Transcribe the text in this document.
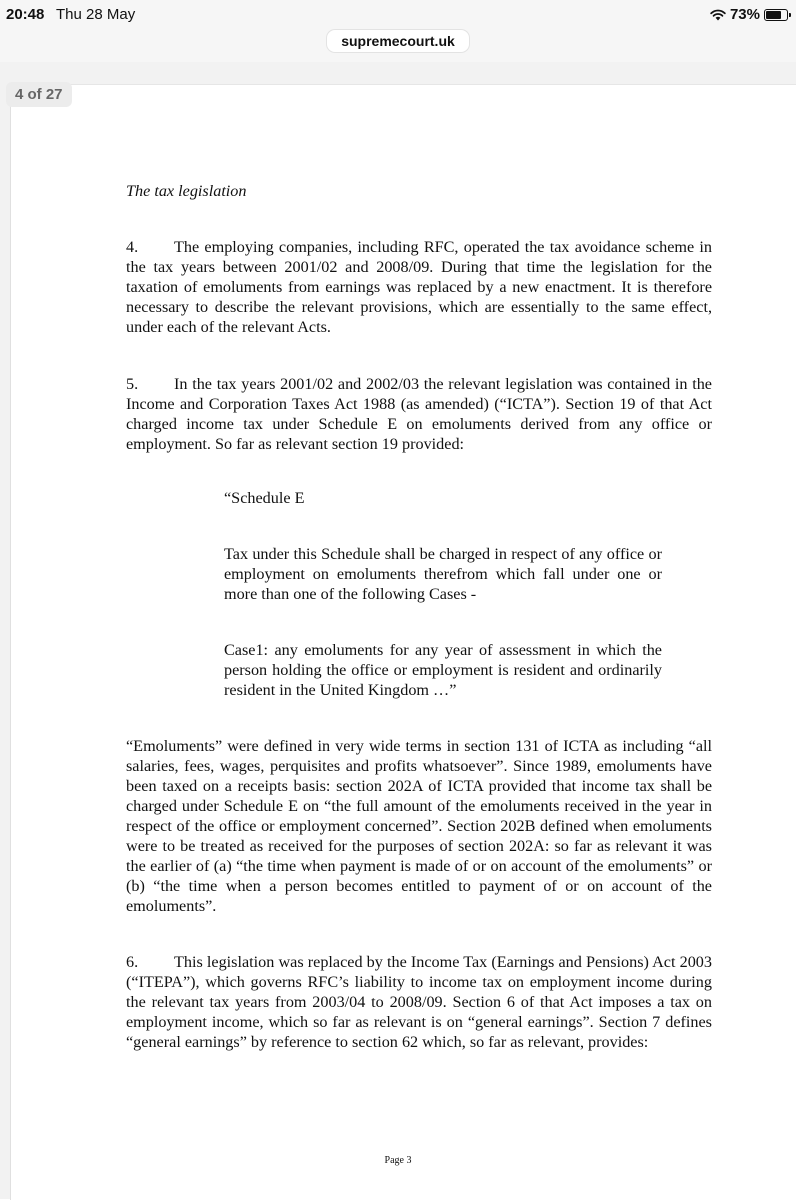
20:48 Thu 28 May	73%
supremecourt.uk
4 of 27
The tax legislation

4. The employing companies, including RFC, operated the tax avoidance scheme in the tax years between 2001/02 and 2008/09. During that time the legislation for the taxation of emoluments from earnings was replaced by a new enactment. It is therefore necessary to describe the relevant provisions, which are essentially to the same effect, under each of the relevant Acts.

5. In the tax years 2001/02 and 2002/03 the relevant legislation was contained in the Income and Corporation Taxes Act 1988 (as amended) (“ICTA”). Section 19 of that Act charged income tax under Schedule E on emoluments derived from any office or employment. So far as relevant section 19 provided:

“Schedule E

Tax under this Schedule shall be charged in respect of any office or employment on emoluments therefrom which fall under one or more than one of the following Cases -

Case1: any emoluments for any year of assessment in which the person holding the office or employment is resident and ordinarily resident in the United Kingdom …”

“Emoluments” were defined in very wide terms in section 131 of ICTA as including “all salaries, fees, wages, perquisites and profits whatsoever”. Since 1989, emoluments have been taxed on a receipts basis: section 202A of ICTA provided that income tax shall be charged under Schedule E on “the full amount of the emoluments received in the year in respect of the office or employment concerned”. Section 202B defined when emoluments were to be treated as received for the purposes of section 202A: so far as relevant it was the earlier of (a) “the time when payment is made of or on account of the emoluments” or (b) “the time when a person becomes entitled to payment of or on account of the emoluments”.

6. This legislation was replaced by the Income Tax (Earnings and Pensions) Act 2003 (“ITEPA”), which governs RFC’s liability to income tax on employment income during the relevant tax years from 2003/04 to 2008/09. Section 6 of that Act imposes a tax on employment income, which so far as relevant is on “general earnings”. Section 7 defines “general earnings” by reference to section 62 which, so far as relevant, provides:

Page 3
